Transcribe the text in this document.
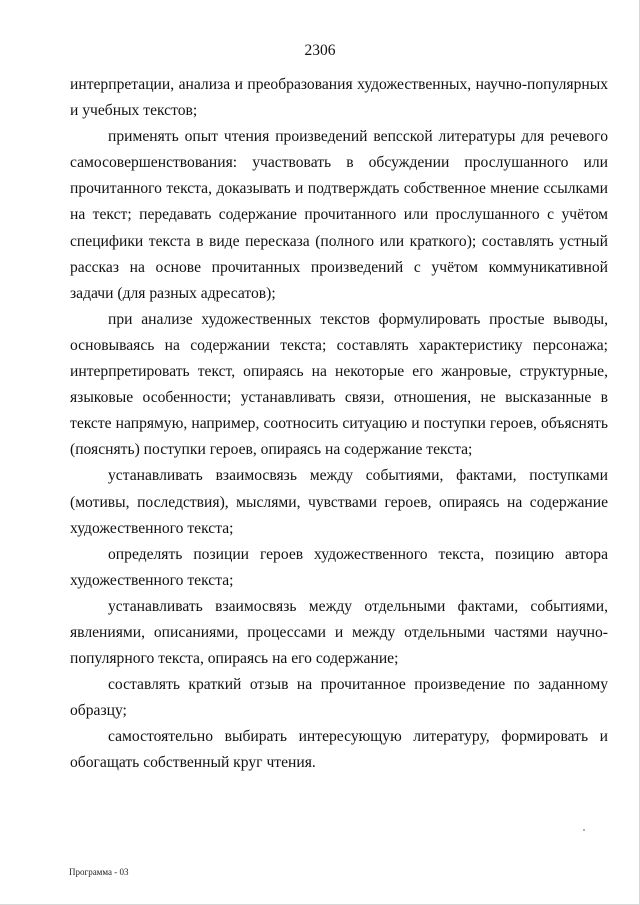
2306

интерпретации, анализа и преобразования художественных, научно-популярных и учебных текстов;

применять опыт чтения произведений вепсской литературы для речевого самосовершенствования: участвовать в обсуждении прослушанного или прочитанного текста, доказывать и подтверждать собственное мнение ссылками на текст; передавать содержание прочитанного или прослушанного с учётом специфики текста в виде пересказа (полного или краткого); составлять устный рассказ на основе прочитанных произведений с учётом коммуникативной задачи (для разных адресатов);

при анализе художественных текстов формулировать простые выводы, основываясь на содержании текста; составлять характеристику персонажа; интерпретировать текст, опираясь на некоторые его жанровые, структурные, языковые особенности; устанавливать связи, отношения, не высказанные в тексте напрямую, например, соотносить ситуацию и поступки героев, объяснять (пояснять) поступки героев, опираясь на содержание текста;

устанавливать взаимосвязь между событиями, фактами, поступками (мотивы, последствия), мыслями, чувствами героев, опираясь на содержание художественного текста;

определять позиции героев художественного текста, позицию автора художественного текста;

устанавливать взаимосвязь между отдельными фактами, событиями, явлениями, описаниями, процессами и между отдельными частями научно-популярного текста, опираясь на его содержание;

составлять краткий отзыв на прочитанное произведение по заданному образцу;

самостоятельно выбирать интересующую литературу, формировать и обогащать собственный круг чтения.

Программа - 03
